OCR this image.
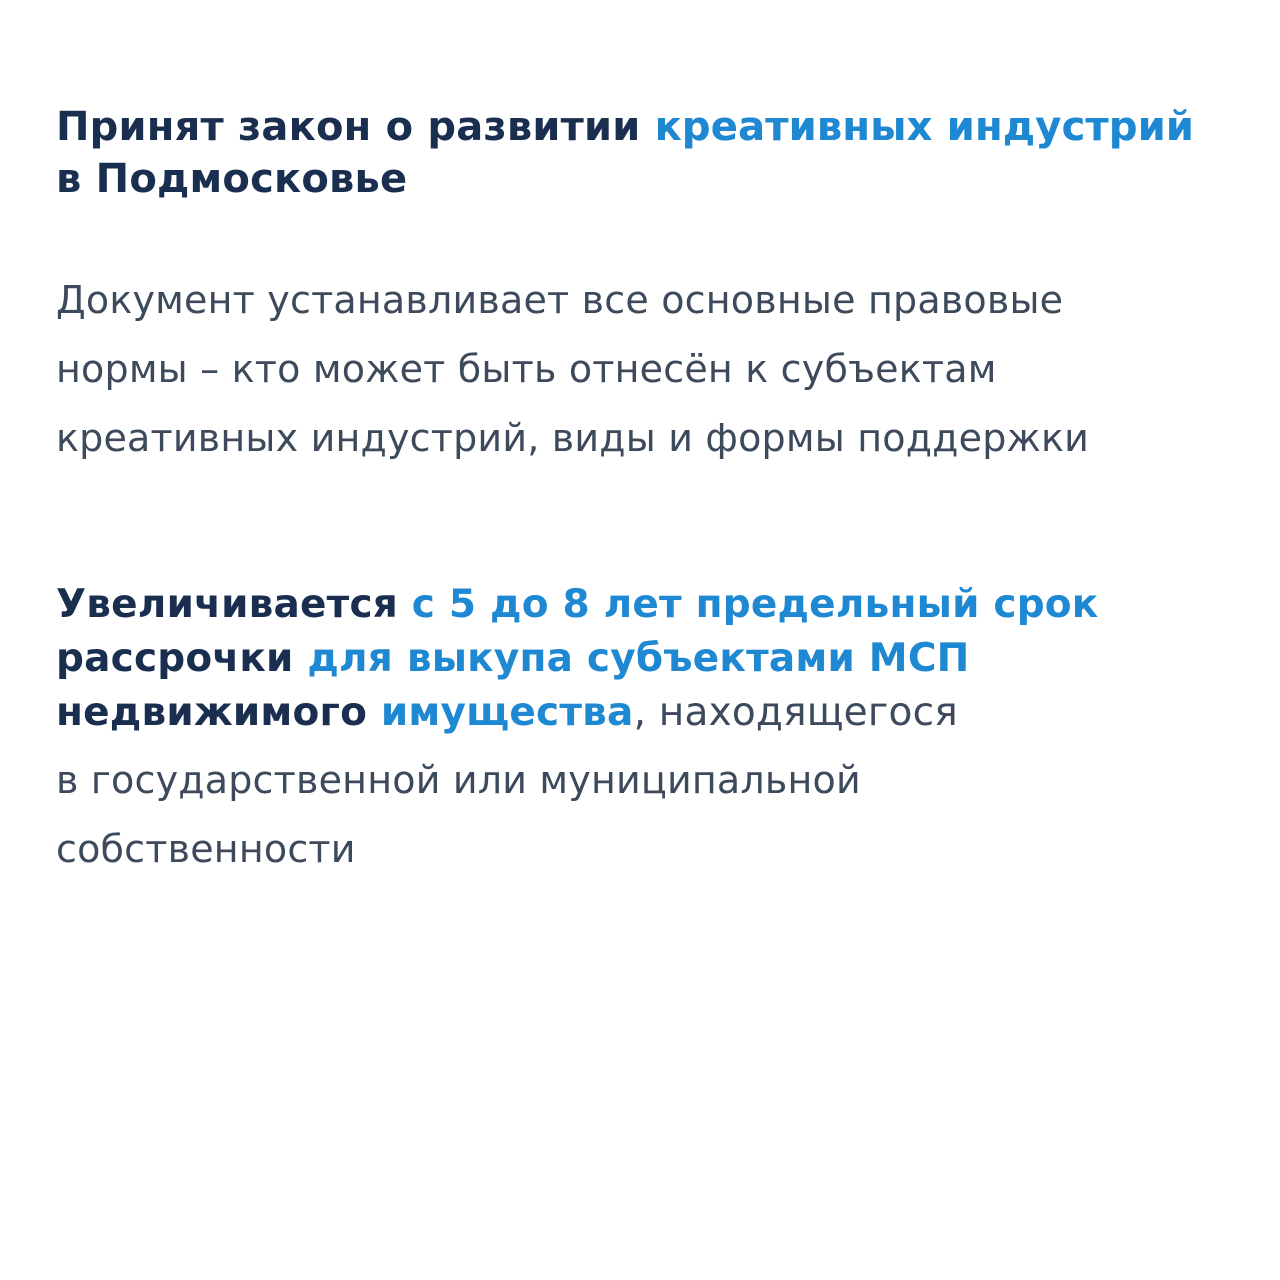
Принят закон о развитии креативных индустрий
в Подмосковье

Документ устанавливает все основные правовые
нормы – кто может быть отнесён к субъектам
креативных индустрий, виды и формы поддержки

Увеличивается с 5 до 8 лет предельный срок
рассрочки для выкупа субъектами МСП
недвижимого имущества, находящегося

в государственной или муниципальной
собственности
